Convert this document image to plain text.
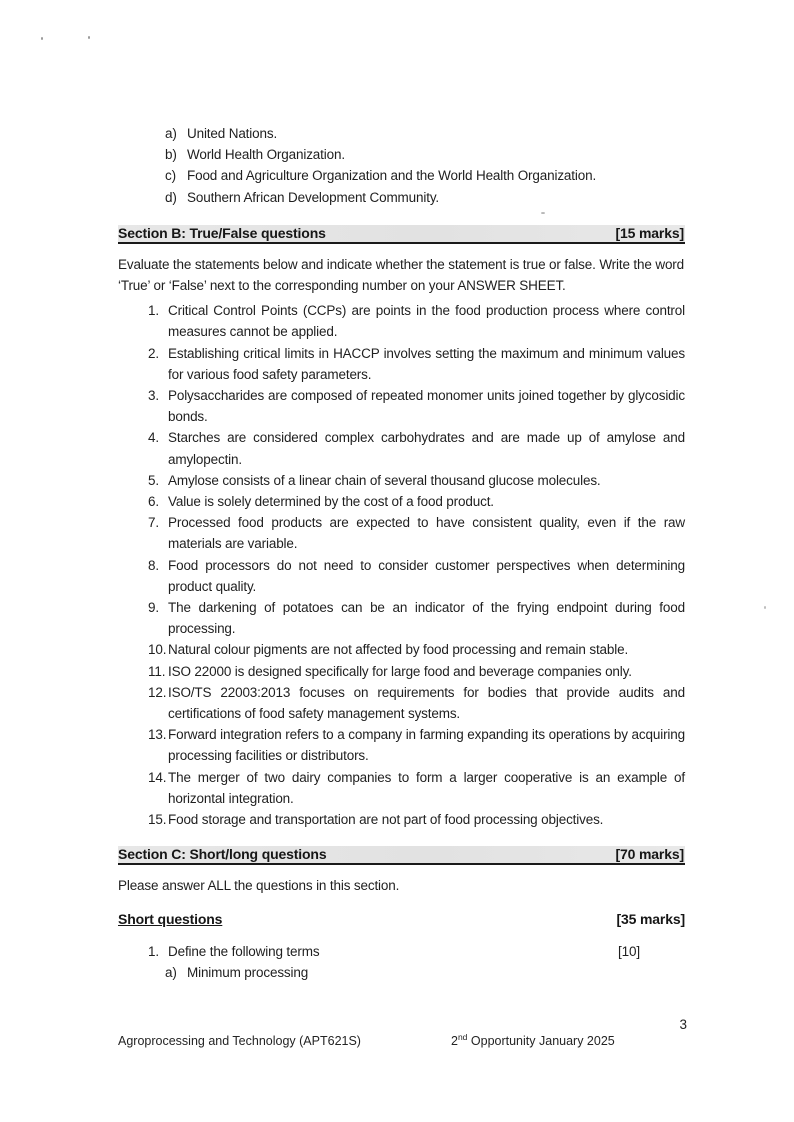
a) United Nations.
b) World Health Organization.
c) Food and Agriculture Organization and the World Health Organization.
d) Southern African Development Community.
Section B: True/False questions	[15 marks]

Evaluate the statements below and indicate whether the statement is true or false. Write the word ‘True’ or ‘False’ next to the corresponding number on your ANSWER SHEET.

1. Critical Control Points (CCPs) are points in the food production process where control measures cannot be applied.
2. Establishing critical limits in HACCP involves setting the maximum and minimum values for various food safety parameters.
3. Polysaccharides are composed of repeated monomer units joined together by glycosidic bonds.
4. Starches are considered complex carbohydrates and are made up of amylose and amylopectin.
5. Amylose consists of a linear chain of several thousand glucose molecules.
6. Value is solely determined by the cost of a food product.
7. Processed food products are expected to have consistent quality, even if the raw materials are variable.
8. Food processors do not need to consider customer perspectives when determining product quality.
9. The darkening of potatoes can be an indicator of the frying endpoint during food processing.
10. Natural colour pigments are not affected by food processing and remain stable.
11. ISO 22000 is designed specifically for large food and beverage companies only.
12. ISO/TS 22003:2013 focuses on requirements for bodies that provide audits and certifications of food safety management systems.
13. Forward integration refers to a company in farming expanding its operations by acquiring processing facilities or distributors.
14. The merger of two dairy companies to form a larger cooperative is an example of horizontal integration.
15. Food storage and transportation are not part of food processing objectives.
Section C: Short/long questions	[70 marks]

Please answer ALL the questions in this section.

Short questions	[35 marks]
1. Define the following terms	[10]
a) Minimum processing
3
Agroprocessing and Technology (APT621S)	2nd Opportunity January 2025
